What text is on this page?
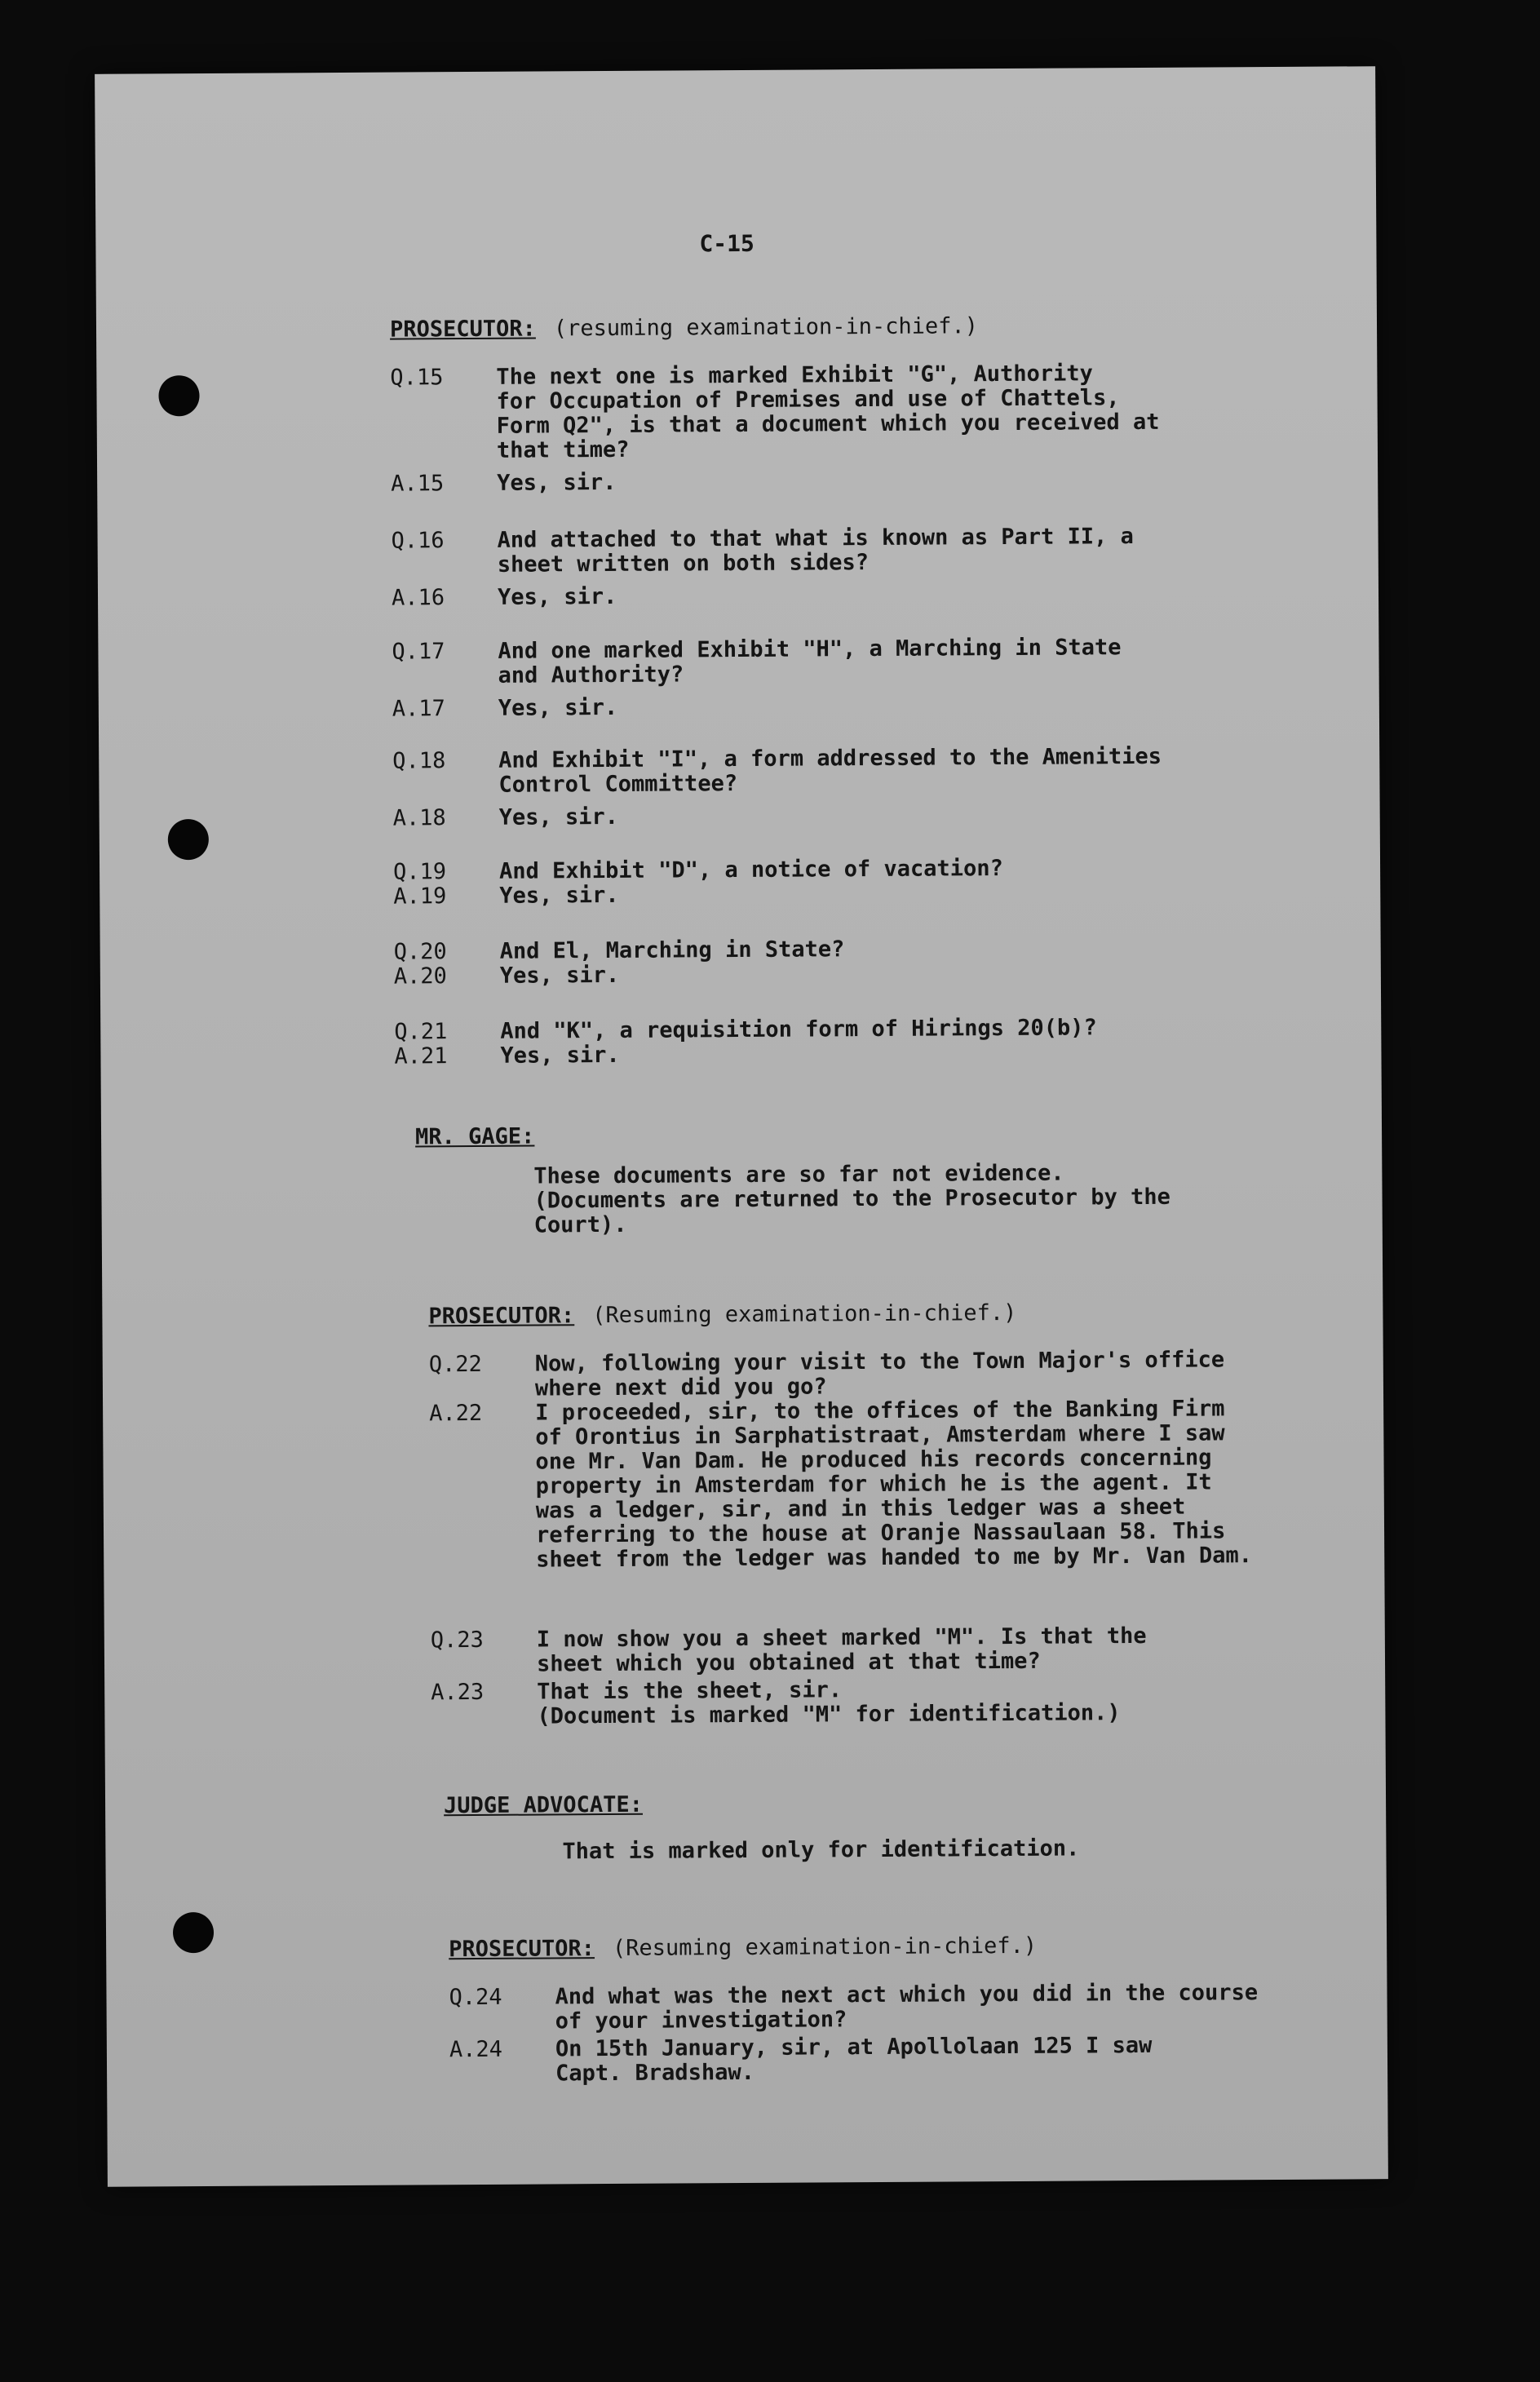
C-15
PROSECUTOR: (resuming examination-in-chief.)
Q.15	The next one is marked Exhibit "G", Authority
for Occupation of Premises and use of Chattels,
Form Q2", is that a document which you received at
that time?
A.15	Yes, sir.
Q.16	And attached to that what is known as Part II, a
sheet written on both sides?
A.16	Yes, sir.
Q.17	And one marked Exhibit "H", a Marching in State
and Authority?
A.17	Yes, sir.
Q.18	And Exhibit "I", a form addressed to the Amenities
Control Committee?
A.18	Yes, sir.
Q.19	And Exhibit "D", a notice of vacation?
A.19	Yes, sir.
Q.20	And El, Marching in State?
A.20	Yes, sir.
Q.21	And "K", a requisition form of Hirings 20(b)?
A.21	Yes, sir.
MR. GAGE:
These documents are so far not evidence.
(Documents are returned to the Prosecutor by the
Court).
PROSECUTOR: (Resuming examination-in-chief.)
Q.22	Now, following your visit to the Town Major's office
where next did you go?
A.22	I proceeded, sir, to the offices of the Banking Firm
of Orontius in Sarphatistraat, Amsterdam where I saw
one Mr. Van Dam. He produced his records concerning
property in Amsterdam for which he is the agent. It
was a ledger, sir, and in this ledger was a sheet
referring to the house at Oranje Nassaulaan 58. This
sheet from the ledger was handed to me by Mr. Van Dam.
Q.23	I now show you a sheet marked "M". Is that the
sheet which you obtained at that time?
A.23	That is the sheet, sir.
(Document is marked "M" for identification.)
JUDGE ADVOCATE:
That is marked only for identification.
PROSECUTOR: (Resuming examination-in-chief.)
Q.24	And what was the next act which you did in the course
of your investigation?
A.24	On 15th January, sir, at Apollolaan 125 I saw
Capt. Bradshaw.
